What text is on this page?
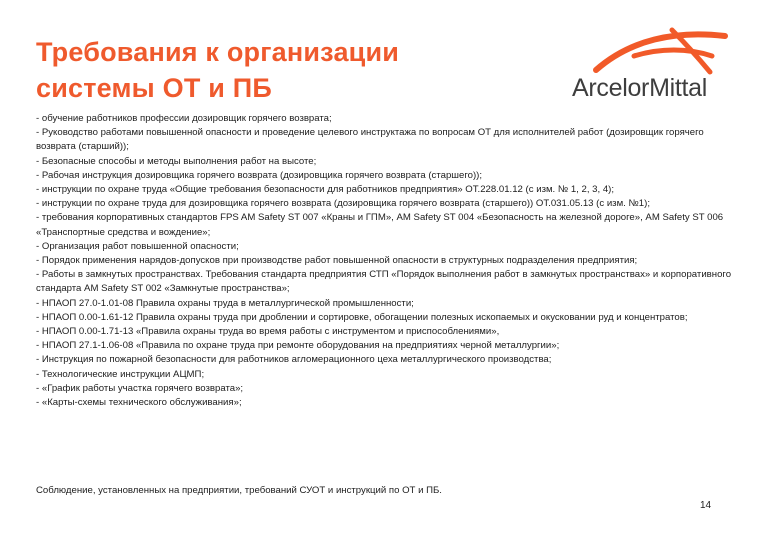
Требования к организации
системы ОТ и ПБ	ArcelorMittal

- обучение работников профессии дозировщик горячего возврата;

- Руководство работами повышенной опасности и проведение целевого инструктажа по вопросам ОТ для исполнителей работ (дозировщик горячего возврата (старший));

- Безопасные способы и методы выполнения работ на высоте;

- Рабочая инструкция дозировщика горячего возврата (дозировщика горячего возврата (старшего));

- инструкции по охране труда «Общие требования безопасности для работников предприятия» ОТ.228.01.12 (с изм. № 1, 2, 3, 4);

- инструкции по охране труда для дозировщика горячего возврата (дозировщика горячего возврата (старшего)) ОТ.031.05.13 (с изм. №1);

- требования корпоративных стандартов FPS AM Safety ST 007 «Краны и ГПМ», AM Safety ST 004 «Безопасность на железной дороге», AM Safety ST 006 «Транспортные средства и вождение»;

- Организация работ повышенной опасности;

- Порядок применения нарядов-допусков при производстве работ повышенной опасности в структурных подразделения предприятия;

- Работы в замкнутых пространствах. Требования стандарта предприятия СТП «Порядок выполнения работ в замкнутых пространствах» и корпоративного стандарта AM Safety ST 002 «Замкнутые пространства»;

- НПАОП 27.0-1.01-08 Правила охраны труда в металлургической промышленности;

- НПАОП 0.00-1.61-12 Правила охраны труда при дроблении и сортировке, обогащении полезных ископаемых и окусковании руд и концентратов;

- НПАОП 0.00-1.71-13 «Правила охраны труда во время работы с инструментом и приспособлениями»,

- НПАОП 27.1-1.06-08 «Правила по охране труда при ремонте оборудования на предприятиях черной металлургии»;

- Инструкция по пожарной безопасности для работников агломерационного цеха металлургического производства;

- Технологические инструкции АЦМП;

- «График работы участка горячего возврата»;

- «Карты-схемы технического обслуживания»;

Соблюдение, установленных на предприятии, требований СУОТ и инструкций по ОТ и ПБ.
14
